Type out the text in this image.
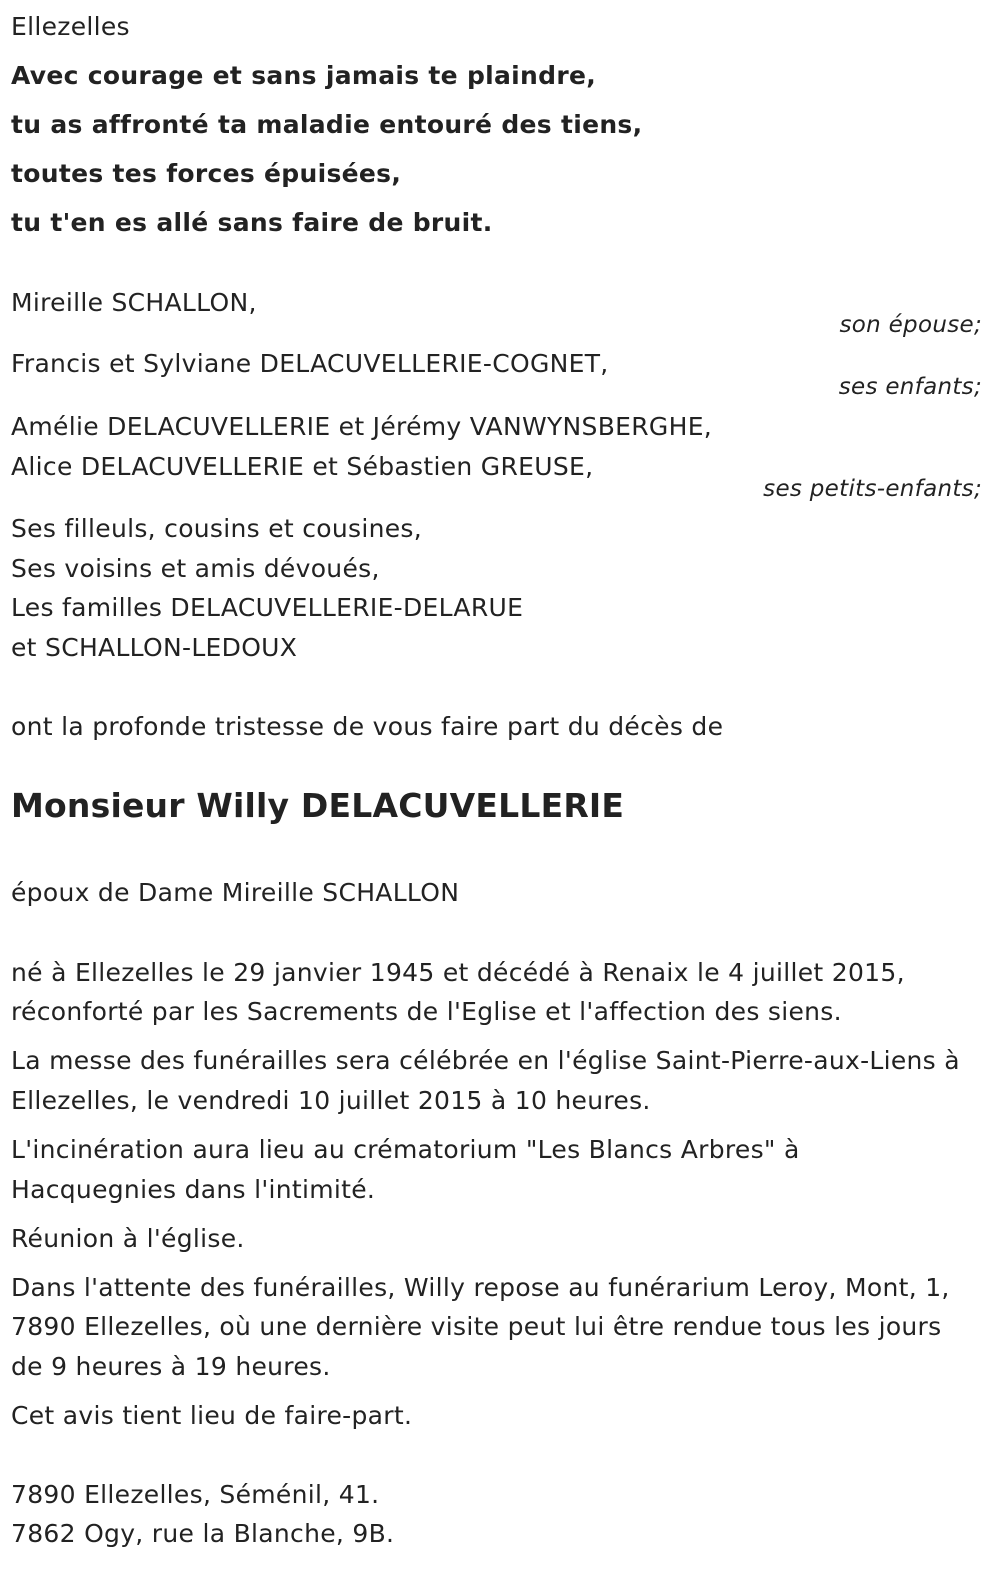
Ellezelles
Avec courage et sans jamais te plaindre,
tu as affronté ta maladie entouré des tiens,
toutes tes forces épuisées,
tu t'en es allé sans faire de bruit.
Mireille SCHALLON,
son épouse;
Francis et Sylviane DELACUVELLERIE-COGNET,
ses enfants;
Amélie DELACUVELLERIE et Jérémy VANWYNSBERGHE,
Alice DELACUVELLERIE et Sébastien GREUSE,
ses petits-enfants;
Ses filleuls, cousins et cousines,
Ses voisins et amis dévoués,
Les familles DELACUVELLERIE-DELARUE
et SCHALLON-LEDOUX
ont la profonde tristesse de vous faire part du décès de
Monsieur Willy DELACUVELLERIE
époux de Dame Mireille SCHALLON
né à Ellezelles le 29 janvier 1945 et décédé à Renaix le 4 juillet 2015,
réconforté par les Sacrements de l'Eglise et l'affection des siens.
La messe des funérailles sera célébrée en l'église Saint-Pierre-aux-Liens à
Ellezelles, le vendredi 10 juillet 2015 à 10 heures.
L'incinération aura lieu au crématorium "Les Blancs Arbres" à
Hacquegnies dans l'intimité.
Réunion à l'église.
Dans l'attente des funérailles, Willy repose au funérarium Leroy, Mont, 1,
7890 Ellezelles, où une dernière visite peut lui être rendue tous les jours
de 9 heures à 19 heures.
Cet avis tient lieu de faire-part.
7890 Ellezelles, Séménil, 41.
7862 Ogy, rue la Blanche, 9B.
